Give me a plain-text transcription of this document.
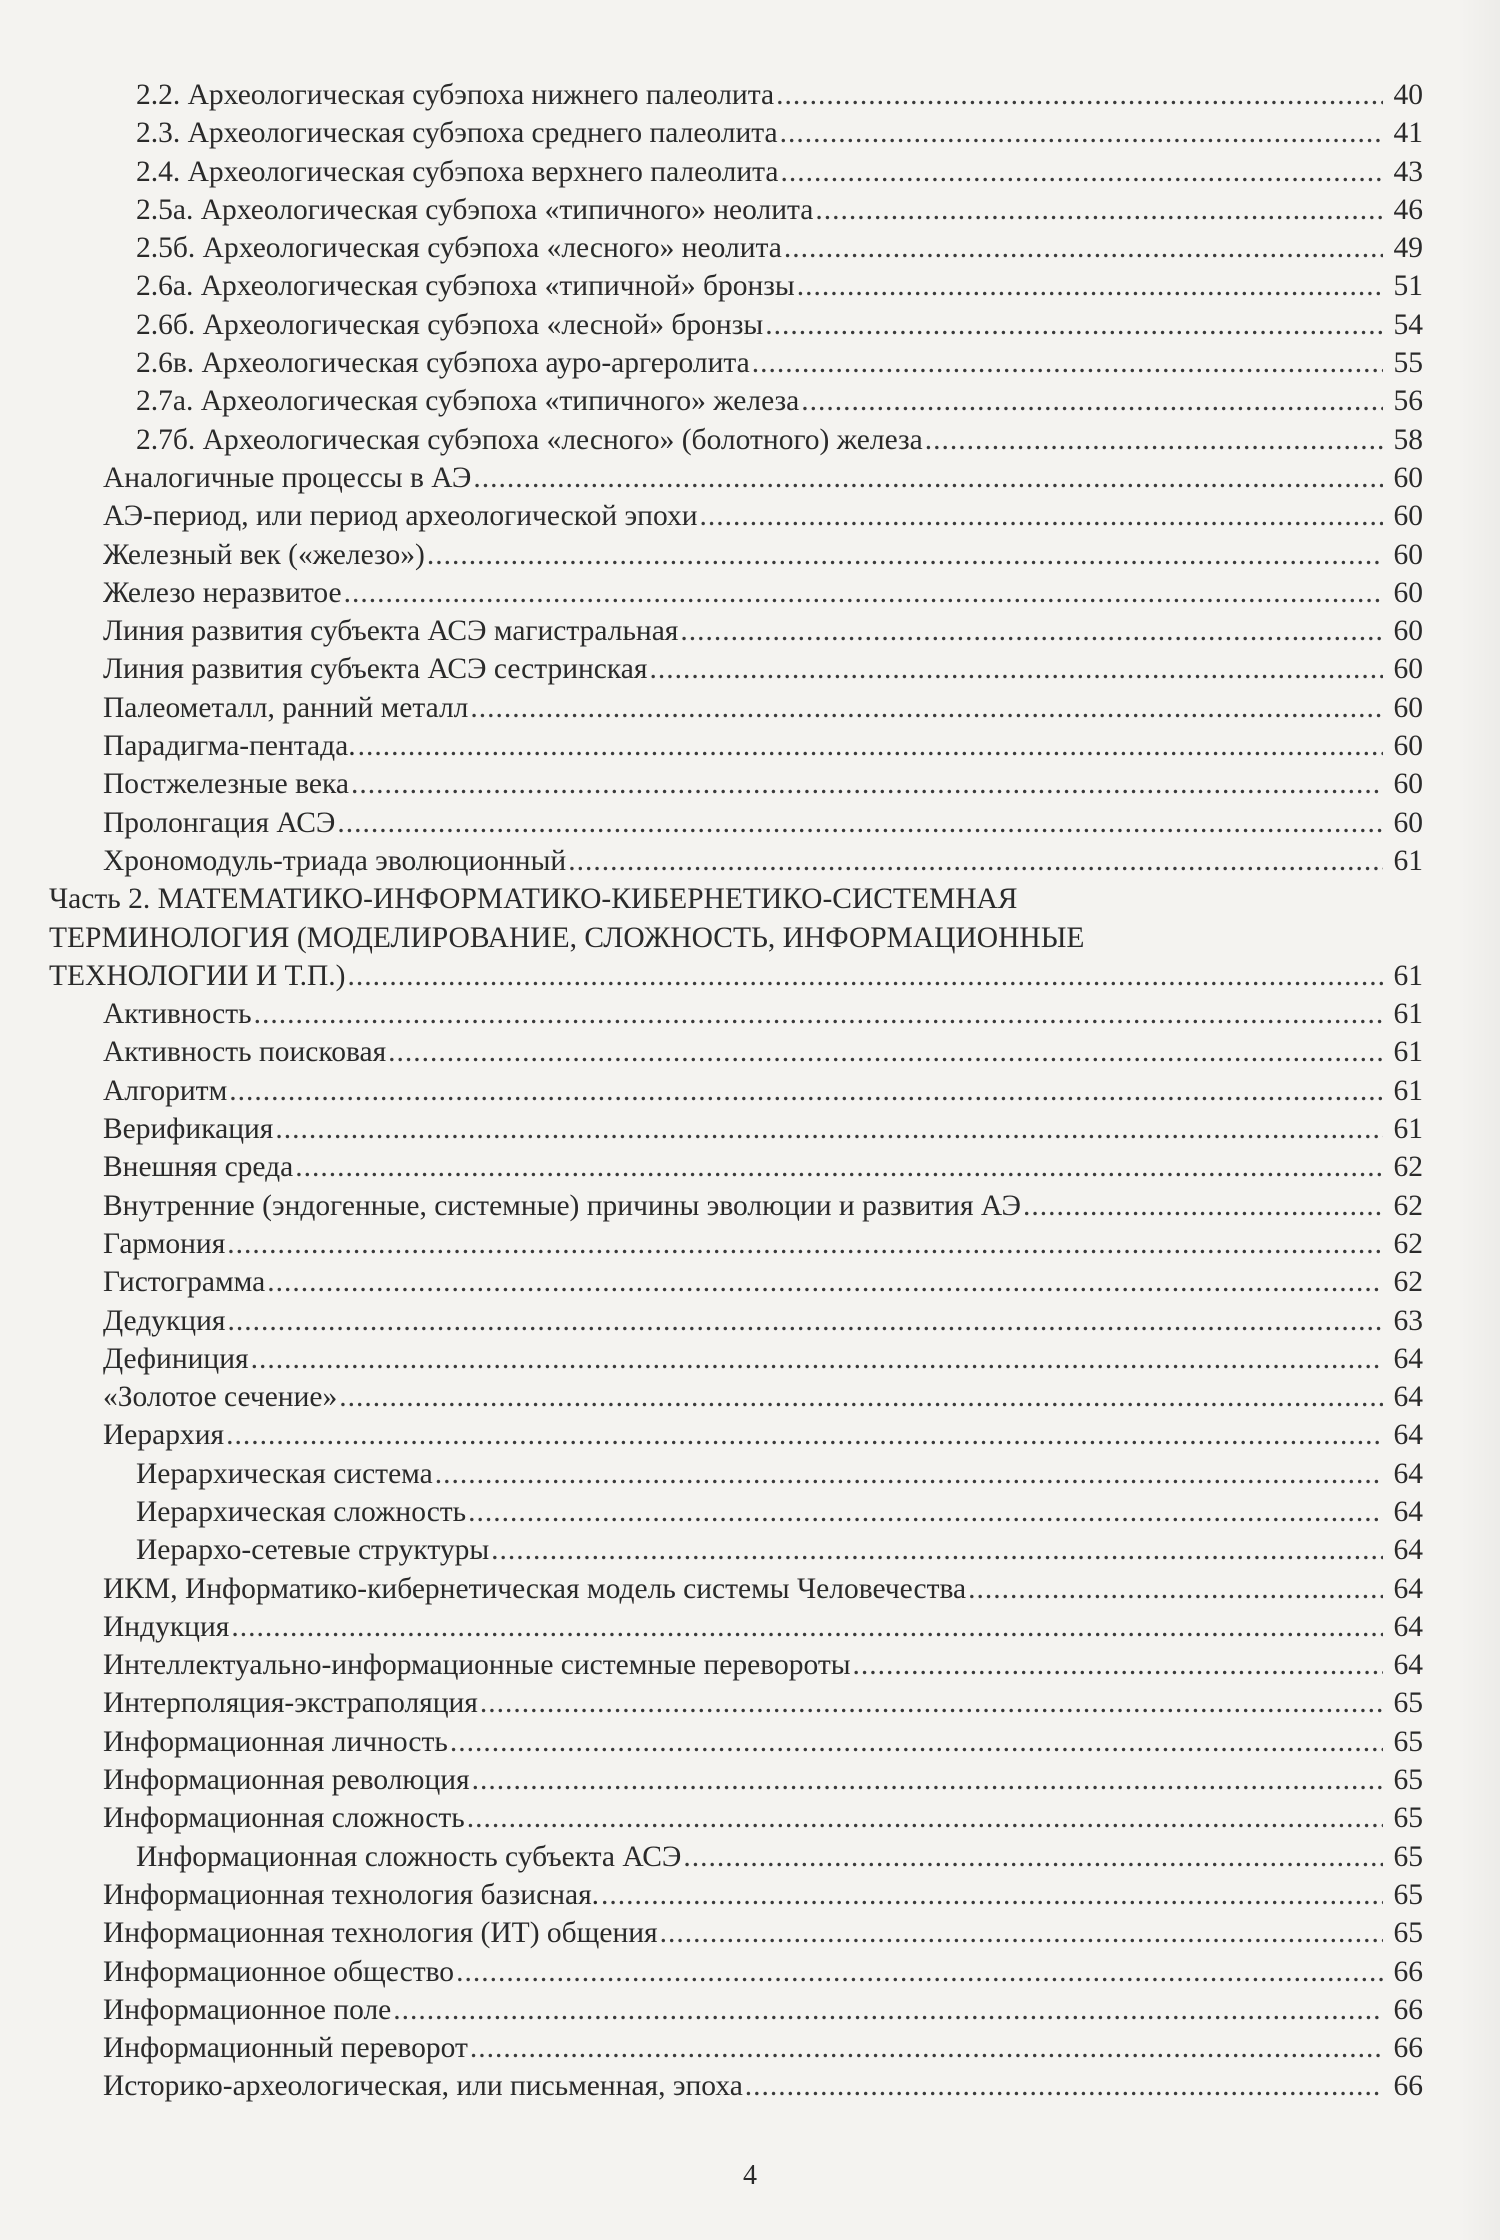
2.2. Археологическая субэпоха нижнего палеолита .....	40
2.3. Археологическая субэпоха среднего палеолита .....	41
2.4. Археологическая субэпоха верхнего палеолита .....	43
2.5а. Археологическая субэпоха «типичного» неолита .....	46
2.5б. Археологическая субэпоха «лесного» неолита .....	49
2.6а. Археологическая субэпоха «типичной» бронзы .....	51
2.6б. Археологическая субэпоха «лесной» бронзы .....	54
2.6в. Археологическая субэпоха ауро-аргеролита .....	55
2.7а. Археологическая субэпоха «типичного» железа .....	56
2.7б. Археологическая субэпоха «лесного» (болотного) железа .....	58
Аналогичные процессы в АЭ .....	60
АЭ-период, или период археологической эпохи .....	60
Железный век («железо») .....	60
Железо неразвитое .....	60
Линия развития субъекта АСЭ магистральная .....	60
Линия развития субъекта АСЭ сестринская .....	60
Палеометалл, ранний металл .....	60
Парадигма-пентада. .....	60
Постжелезные века .....	60
Пролонгация АСЭ .....	60
Хрономодуль-триада эволюционный .....	61
Часть 2. МАТЕМАТИКО-ИНФОРМАТИКО-КИБЕРНЕТИКО-СИСТЕМНАЯ
ТЕРМИНОЛОГИЯ (МОДЕЛИРОВАНИЕ, СЛОЖНОСТЬ, ИНФОРМАЦИОННЫЕ
ТЕХНОЛОГИИ И Т.П.) .....	61
Активность .....	61
Активность поисковая .....	61
Алгоритм .....	61
Верификация .....	61
Внешняя среда .....	62
Внутренние (эндогенные, системные) причины эволюции и развития АЭ .....	62
Гармония .....	62
Гистограмма .....	62
Дедукция .....	63
Дефиниция .....	64
«Золотое сечение» .....	64
Иерархия .....	64
Иерархическая система .....	64
Иерархическая сложность .....	64
Иерархо-сетевые структуры .....	64
ИКМ, Информатико-кибернетическая модель системы Человечества .....	64
Индукция .....	64
Интеллектуально-информационные системные перевороты .....	64
Интерполяция-экстраполяция .....	65
Информационная личность .....	65
Информационная революция .....	65
Информационная сложность .....	65
Информационная сложность субъекта АСЭ .....	65
Информационная технология базисная. .....	65
Информационная технология (ИТ) общения .....	65
Информационное общество .....	66
Информационное поле .....	66
Информационный переворот .....	66
Историко-археологическая, или письменная, эпоха .....	66
4
